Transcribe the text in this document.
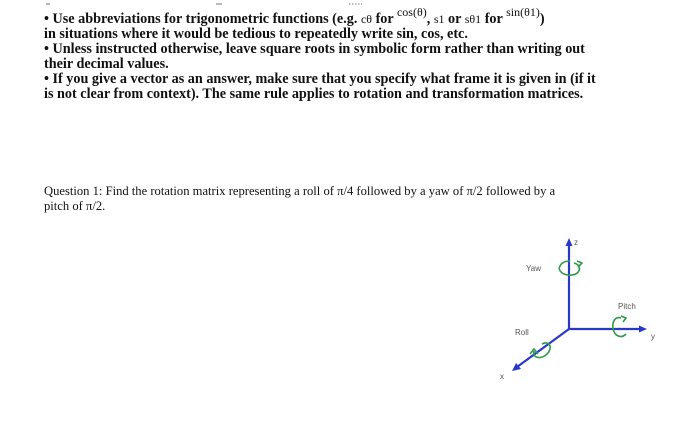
• Use abbreviations for trigonometric functions (e.g. cθ for $^{cos(\theta)}$, s1 or sθ1 for $^{sin(\theta 1)}$)
in situations where it would be tedious to repeatedly write sin, cos, etc.
• Unless instructed otherwise, leave square roots in symbolic form rather than writing out
their decimal values.
• If you give a vector as an answer, make sure that you specify what frame it is given in (if it
is not clear from context). The same rule applies to rotation and transformation matrices.
Question 1: Find the rotation matrix representing a roll of π/4 followed by a yaw of π/2 followed by a
pitch of π/2.
z
y
x
Yaw
Pitch
Roll
